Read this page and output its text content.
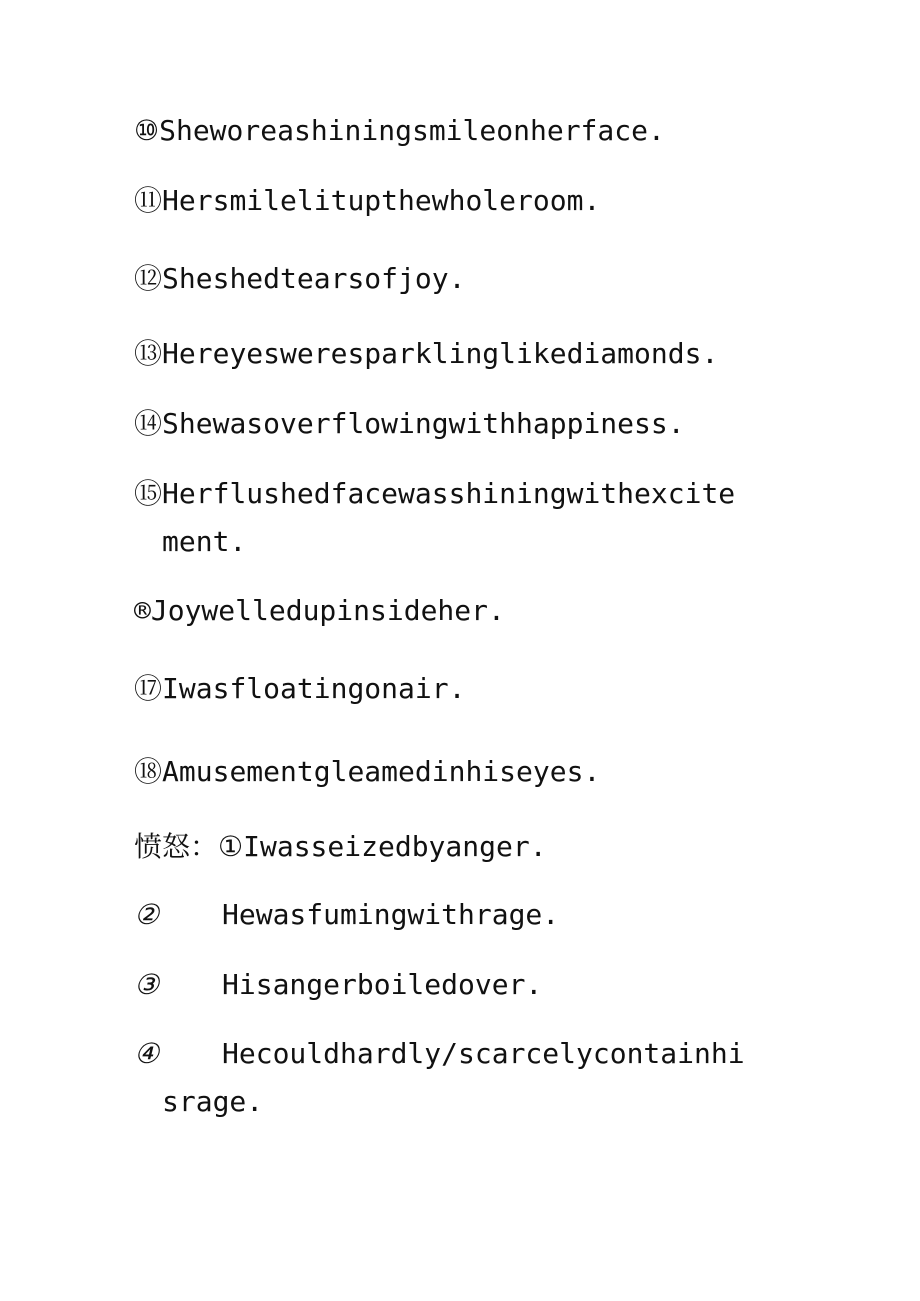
⑩Sheworeashiningsmileonherface.
⑪Hersmilelitupthewholeroom.
⑫Sheshedtearsofjoy.
⑬Hereyesweresparklinglikediamonds.
⑭Shewasoverflowingwithhappiness.
⑮Herflushedfacewasshiningwithexcite
ment.
®Joywelledupinsideher.
⑰Iwasfloatingonair.
⑱Amusementgleamedinhiseyes.
愤怒：①Iwasseizedbyanger.
② Hewasfumingwithrage.
③ Hisangerboiledover.
④ Hecouldhardly/scarcelycontainhi
srage.
